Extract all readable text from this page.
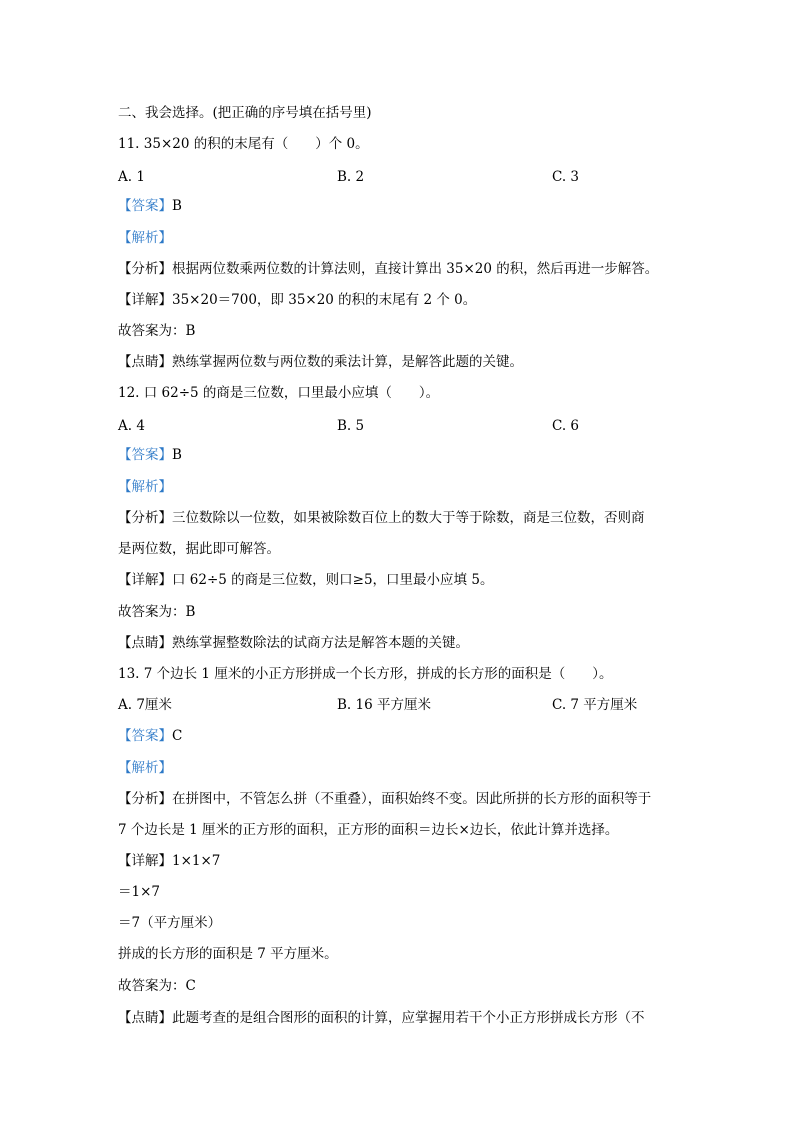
二、我会选择。(把正确的序号填在括号里)
11. 35×20 的积的末尾有（　　）个 0。
A. 1	B. 2	C. 3
【答案】B
【解析】
【分析】根据两位数乘两位数的计算法则，直接计算出 35×20 的积，然后再进一步解答。
【详解】35×20＝700，即 35×20 的积的末尾有 2 个 0。
故答案为：B
【点睛】熟练掌握两位数与两位数的乘法计算，是解答此题的关键。
12. 口 62÷5 的商是三位数，口里最小应填（　　）。
A. 4	B. 5	C. 6
【答案】B
【解析】
【分析】三位数除以一位数，如果被除数百位上的数大于等于除数，商是三位数，否则商
是两位数，据此即可解答。
【详解】口 62÷5 的商是三位数，则口≥5，口里最小应填 5。
故答案为：B
【点睛】熟练掌握整数除法的试商方法是解答本题的关键。
13. 7 个边长 1 厘米的小正方形拼成一个长方形，拼成的长方形的面积是（　　）。
A. 7厘米	B. 16 平方厘米	C. 7 平方厘米
【答案】C
【解析】
【分析】在拼图中，不管怎么拼（不重叠），面积始终不变。因此所拼的长方形的面积等于
7 个边长是 1 厘米的正方形的面积，正方形的面积＝边长×边长，依此计算并选择。
【详解】1×1×7
＝1×7
＝7（平方厘米）
拼成的长方形的面积是 7 平方厘米。
故答案为：C
【点睛】此题考查的是组合图形的面积的计算，应掌握用若干个小正方形拼成长方形（不
